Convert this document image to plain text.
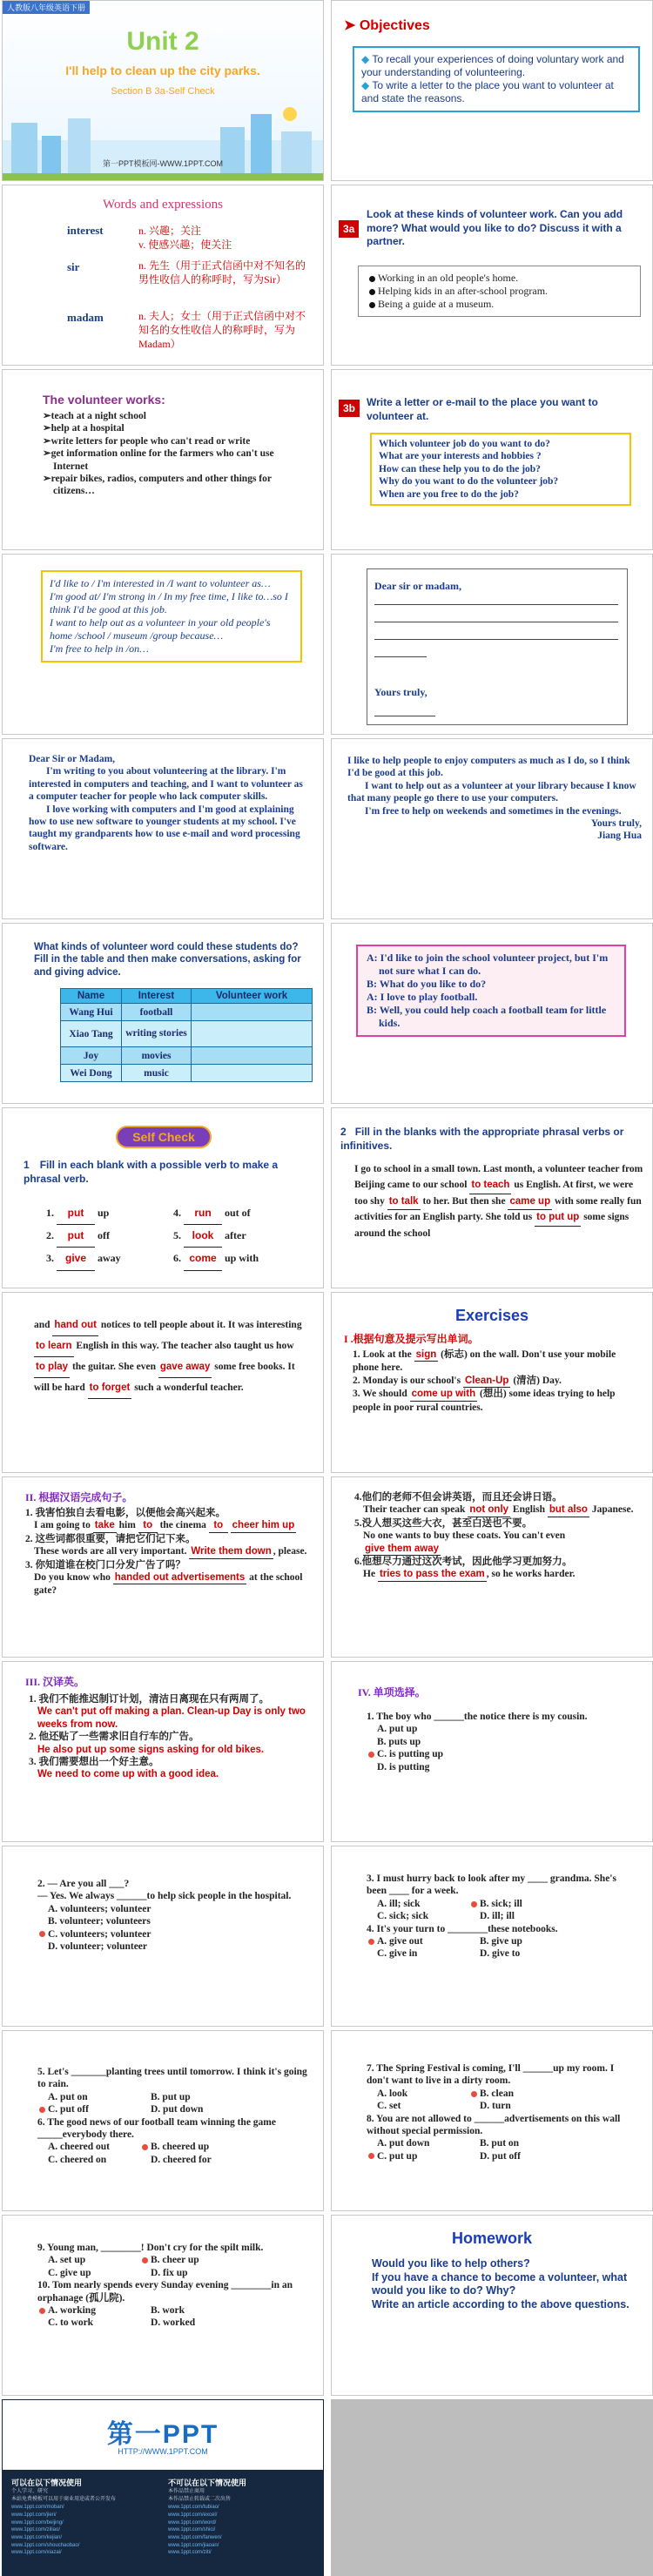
人教版八年级英语下册
Unit 2
I'll help to clean up the city parks.
Section B 3a-Self Check
第一PPT模板网-WWW.1PPT.COM
➤ Objectives

◆ To recall your experiences of doing voluntary work and your understanding of volunteering.

◆ To write a letter to the place you want to volunteer at and state the reasons.

Words and expressions
interest	n. 兴趣；关注
v. 使感兴趣；使关注
sir	n. 先生（用于正式信函中对不知名的男性收信人的称呼时，写为Sir）
madam	n. 夫人；女士（用于正式信函中对不知名的女性收信人的称呼时，写为Madam）
3a
Look at these kinds of volunteer work. Can you add more? What would you like to do? Discuss it with a partner.

Working in an old people's home.

Helping kids in an after-school program.

Being a guide at a museum.

The volunteer works:

➢teach at a night school

➢help at a hospital

➢write letters for people who can't read or write

➢get information online for the farmers who can't use Internet

➢repair bikes, radios, computers and other things for citizens…

3b	Write a letter or e-mail to the place you want to volunteer at.

Which volunteer job do you want to do?

What are your interests and hobbies ?

How can these help you to do the job?

Why do you want to do the volunteer job?

When are you free to do the job?

I'd like to / I'm interested in /I want to volunteer as…

I'm good at/ I'm strong in / In my free time, I like to…so I think I'd be good at this job.

I want to help out as a volunteer in your old people's home /school / museum /group because…

I'm free to help in /on…

Dear sir or madam,
Yours truly,

Dear Sir or Madam,

I'm writing to you about volunteering at the library. I'm interested in computers and teaching, and I want to volunteer as a computer teacher for people who lack computer skills.

I love working with computers and I'm good at explaining how to use new software to younger students at my school. I've taught my grandparents how to use e-mail and word processing software.

I like to help people to enjoy computers as much as I do, so I think I'd be good at this job.

I want to help out as a volunteer at your library because I know that many people go there to use your computers.

I'm free to help on weekends and sometimes in the evenings.

Yours truly,

Jiang Hua

What kinds of volunteer word could these students do? Fill in the table and then make conversations, asking for and giving advice.
Name	Interest	Volunteer work
Wang Hui	football	
Xiao Tang	writing stories	
Joy	movies	
Wei Dong	music	

A: I'd like to join the school volunteer project, but I'm not sure what I can do.

B: What do you like to do?

A: I love to play football.

B: Well, you could help coach a football team for little kids.

Self Check
1 Fill in each blank with a possible verb to make a phrasal verb.
1. put up	4. run out of
2. put off	5. look after
3. give away	6. come up with
2 Fill in the blanks with the appropriate phrasal verbs or infinitives.

I go to school in a small town. Last month, a volunteer teacher from Beijing came to our school to teach us English. At first, we were too shy to talk to her. But then she came up with some really fun activities for an English party. She told us to put up some signs around the school

and hand out notices to tell people about it. It was interesting to learn English in this way. The teacher also taught us how to play the guitar. She even gave away some free books. It will be hard to forget such a wonderful teacher.

Exercises
I .根据句意及提示写出单词。

1. Look at the sign (标志) on the wall. Don't use your mobile phone here.

2. Monday is our school's Clean-Up (清洁) Day.

3. We should come up with (想出) some ideas trying to help people in poor rural countries.

II. 根据汉语完成句子。

1. 我害怕独自去看电影，以便他会高兴起来。

I am going to take him to the cinema to cheer him up

2. 这些词都很重要，请把它们记下来。

These words are all very important. Write them down , please.

3. 你知道谁在校门口分发广告了吗？

Do you know who handed out advertisements at the school gate?

4.他们的老师不但会讲英语，而且还会讲日语。

Their teacher can speak not only English but also Japanese.

5.没人想买这些大衣，甚至白送也不要。

No one wants to buy these coats. You can't even give them away

6.他想尽力通过这次考试，因此他学习更加努力。

He tries to pass the exam , so he works harder.

III. 汉译英。

1. 我们不能推迟制订计划，清洁日离现在只有两周了。

We can't put off making a plan. Clean-up Day is only two weeks from now.

2. 他还贴了一些需求旧自行车的广告。

He also put up some signs asking for old bikes.

3. 我们需要想出一个好主意。

We need to come up with a good idea.

IV. 单项选择。

1. The boy who ______the notice there is my cousin.

A. put up

B. puts up

C. is putting up

D. is putting

2. — Are you all ___?
— Yes. We always ______to help sick people in the hospital.

A. volunteers; volunteer

B. volunteer; volunteers

C. volunteers; volunteer

D. volunteer; volunteer

3. I must hurry back to look after my ____ grandma. She's been ____ for a week.

A. ill; sick	B. sick; ill

C. sick; sick	D. ill; ill

4. It's your turn to ________these notebooks.

A. give out	B. give up

C. give in	D. give to

5. Let's _______planting trees until tomorrow. I think it's going to rain.

A. put on	B. put up

C. put off	D. put down

6. The good news of our football team winning the game _____everybody there.

A. cheered out	B. cheered up

C. cheered on	D. cheered for

7. The Spring Festival is coming, I'll ______up my room. I don't want to live in a dirty room.

A. look	B. clean

C. set	D. turn

8. You are not allowed to ______advertisements on this wall without special permission.

A. put down	B. put on

C. put up	D. put off

9. Young man, ________! Don't cry for the spilt milk.

A. set up	B. cheer up

C. give up	D. fix up

10. Tom nearly spends every Sunday evening ________in an orphanage (孤儿院).

A. working	B. work

C. to work	D. worked

Homework

Would you like to help others?

If you have a chance to become a volunteer, what would you like to do? Why?

Write an article according to the above questions.

第一PPT
HTTP://WWW.1PPT.COM

可以在以下情况使用

个人学习、研究

本站免费模板可以用于商业用途或者公开发布

www.1ppt.com/moban/

www.1ppt.com/jieri/

www.1ppt.com/beijing/

www.1ppt.com/ziliao/

www.1ppt.com/kejian/

www.1ppt.com/shouchaobao/

www.1ppt.com/xiazai/

不可以在以下情况使用

本作品禁止商用

本作品禁止转载或二次出售

www.1ppt.com/tubiao/

www.1ppt.com/excel/

www.1ppt.com/word/

www.1ppt.com/shici/

www.1ppt.com/fanwen/

www.1ppt.com/jiaoan/

www.1ppt.com/ziti/
